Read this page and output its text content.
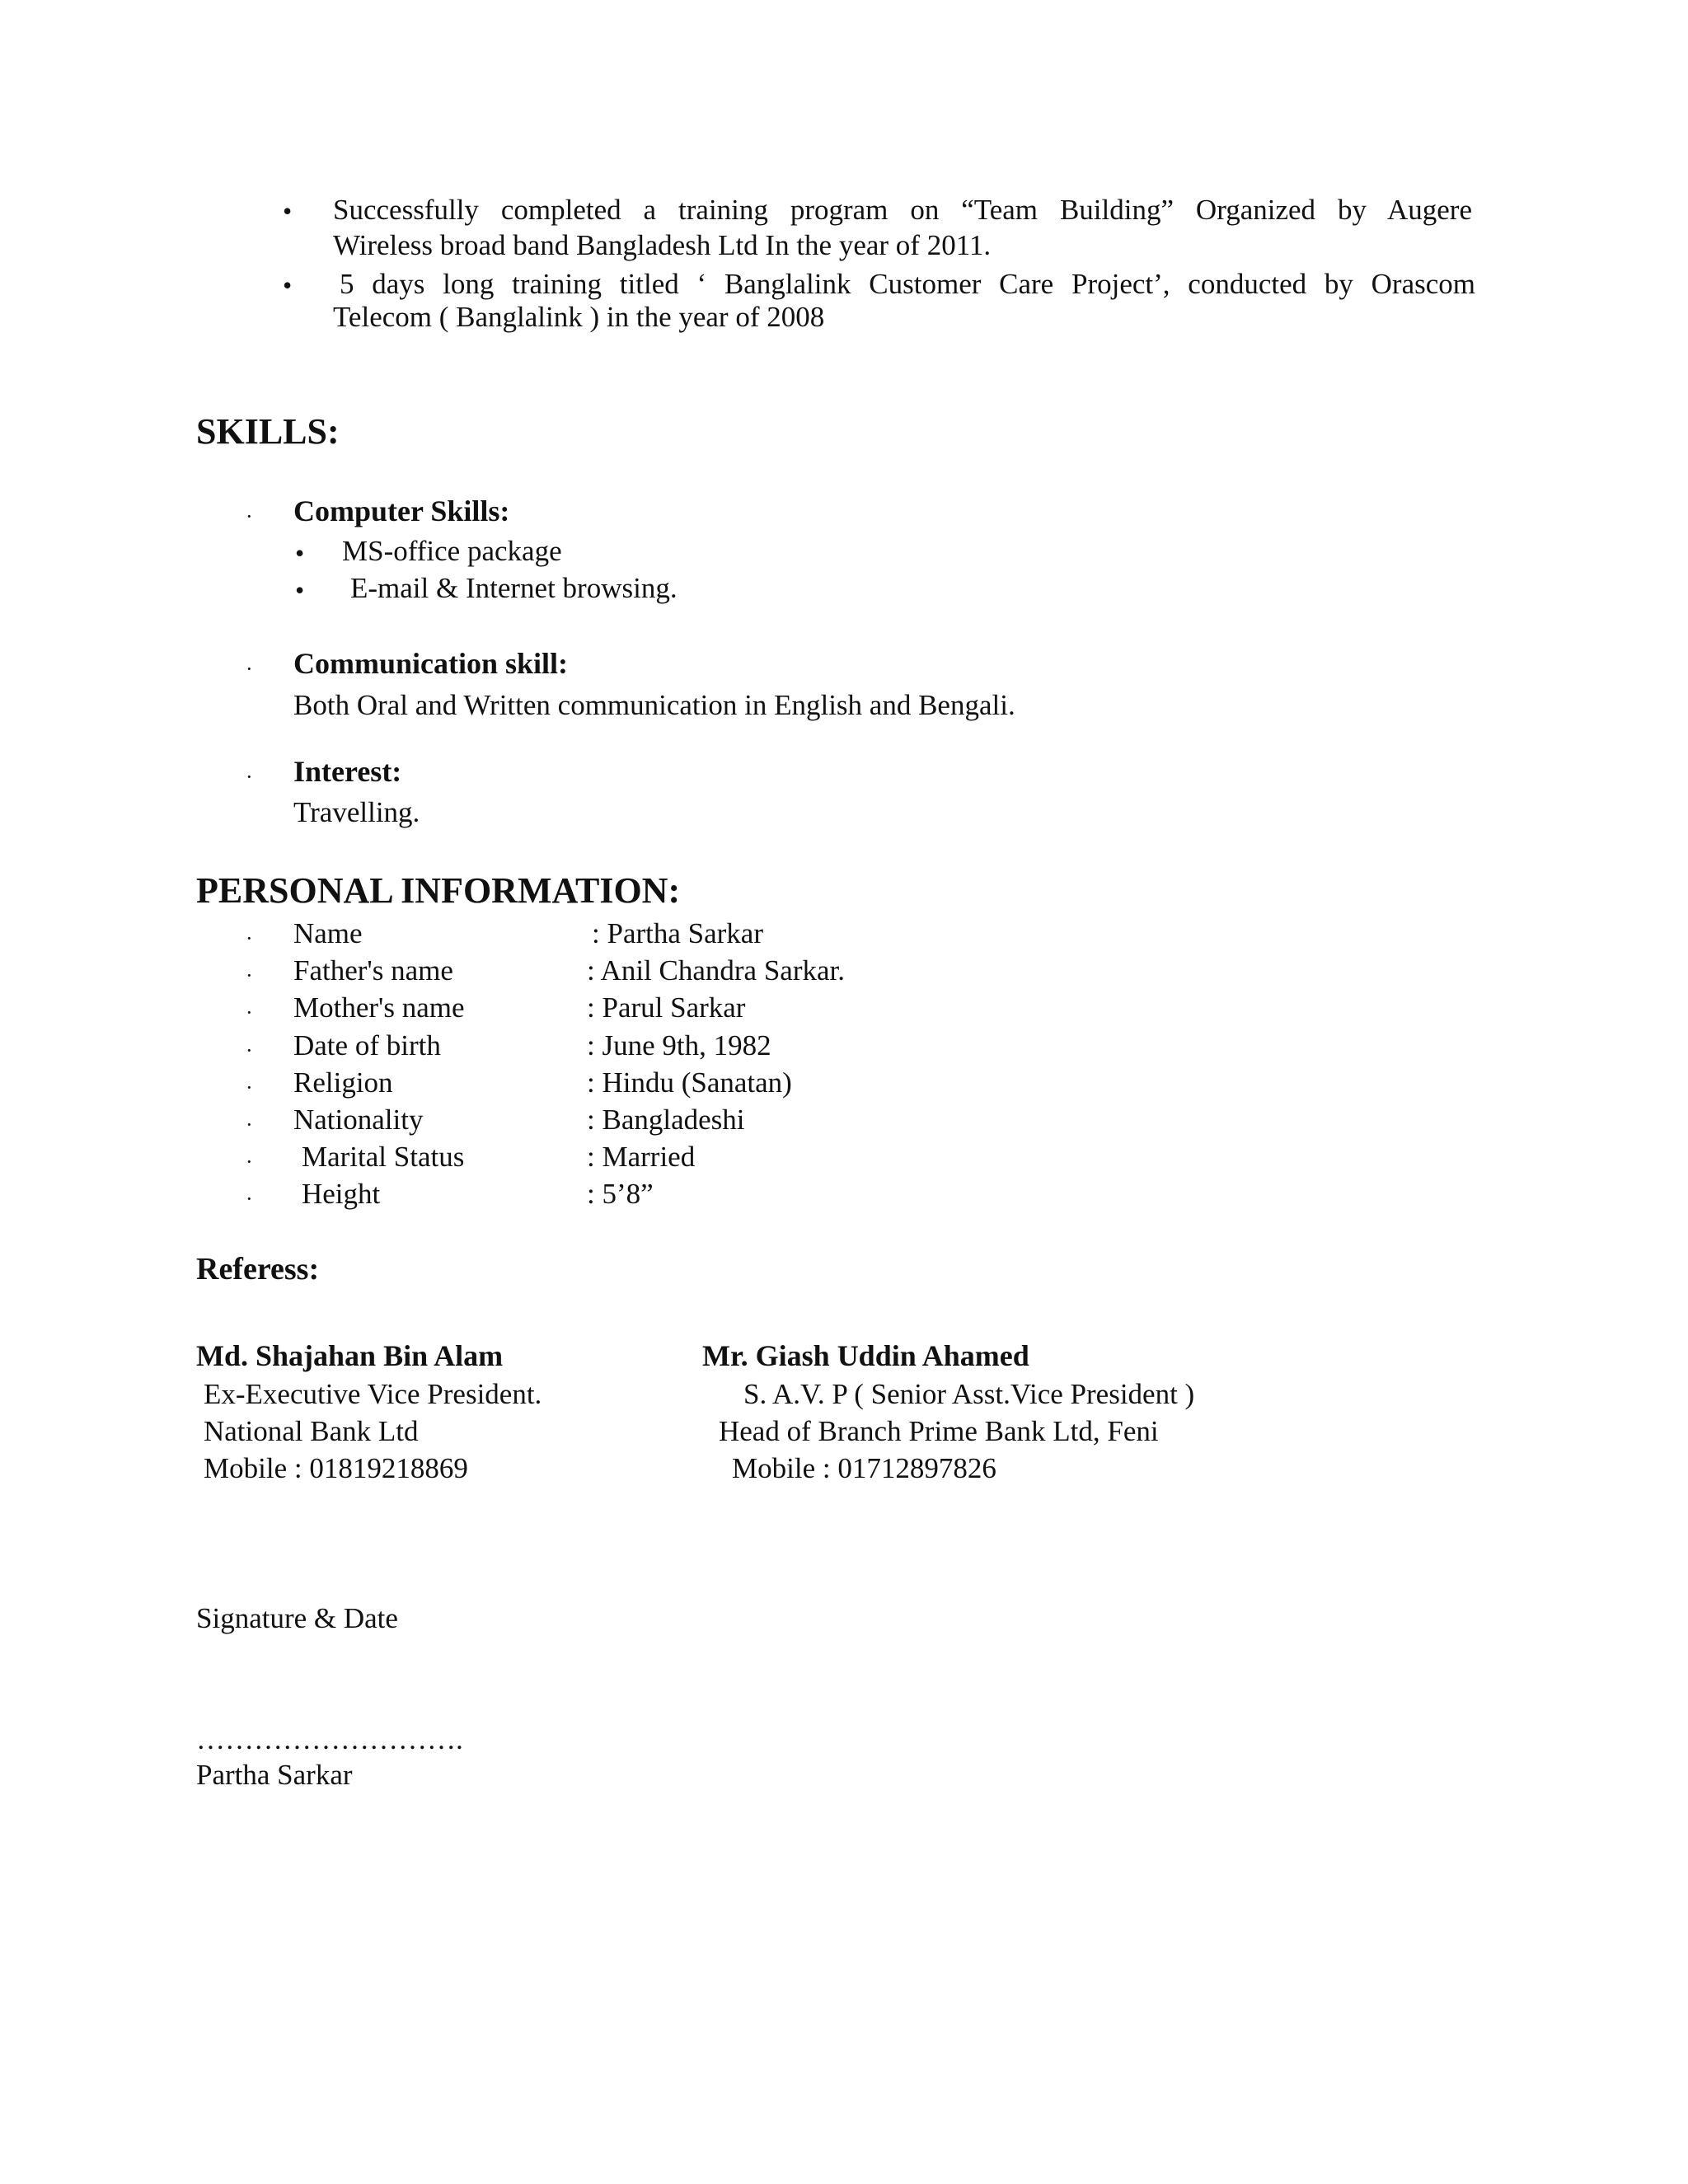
• Successfully completed a training program on “Team Building” Organized by Augere
Wireless broad band Bangladesh Ltd In the year of 2011.
• 5 days long training titled ‘ Banglalink Customer Care Project’, conducted by Orascom
Telecom ( Banglalink ) in the year of 2008
SKILLS:
· Computer Skills:
• MS-office package
• E-mail & Internet browsing.
· Communication skill:
Both Oral and Written communication in English and Bengali.
· Interest:
Travelling.
PERSONAL INFORMATION:
· Name	: Partha Sarkar
· Father's name	: Anil Chandra Sarkar.
· Mother's name	: Parul Sarkar
· Date of birth	: June 9th, 1982
· Religion	: Hindu (Sanatan)
· Nationality	: Bangladeshi
· Marital Status	: Married
· Height	: 5’8”
Referess:
Md. Shajahan Bin Alam
Ex-Executive Vice President.
National Bank Ltd
Mobile : 01819218869
Mr. Giash Uddin Ahamed
S. A.V. P ( Senior Asst.Vice President )
Head of Branch Prime Bank Ltd, Feni
Mobile : 01712897826
Signature & Date
……………………….
Partha Sarkar
